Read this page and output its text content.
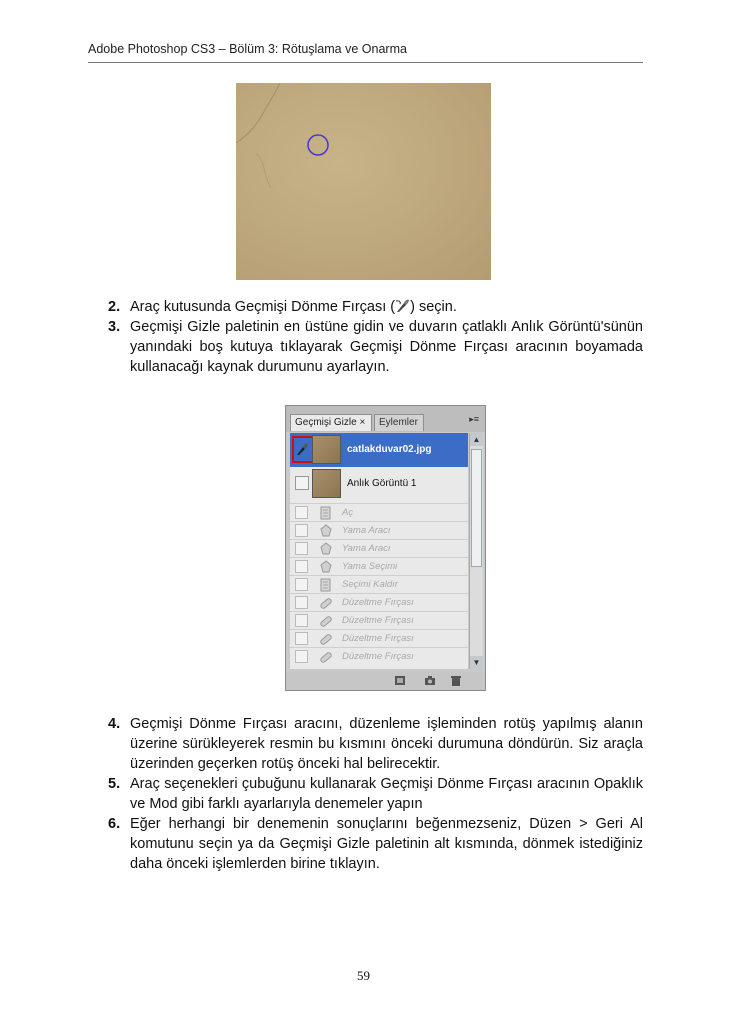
Adobe Photoshop CS3 – Bölüm 3: Rötuşlama ve Onarma
2. Araç kutusunda Geçmişi Dönme Fırçası ( ) seçin.
3. Geçmişi Gizle paletinin en üstüne gidin ve duvarın çatlaklı Anlık Görüntü'sünün yanındaki boş kutuya tıklayarak Geçmişi Dönme Fırçası aracının boyamada kullanacağı kaynak durumunu ayarlayın.
Geçmişi Gizle ×	Eylemler	▸≡
catlakduvar02.jpg
Anlık Görüntü 1
Aç
Yama Aracı
Yama Aracı
Yama Seçimi
Seçimi Kaldır
Düzeltme Fırçası
Düzeltme Fırçası
Düzeltme Fırçası
Düzeltme Fırçası
▲
▼
4. Geçmişi Dönme Fırçası aracını, düzenleme işleminden rotüş yapılmış alanın üzerine sürükleyerek resmin bu kısmını önceki durumuna döndürün. Siz araçla üzerinden geçerken rotüş önceki hal belirecektir.
5. Araç seçenekleri çubuğunu kullanarak Geçmişi Dönme Fırçası aracının Opaklık ve Mod gibi farklı ayarlarıyla denemeler yapın
6. Eğer herhangi bir denemenin sonuçlarını beğenmezseniz, Düzen > Geri Al komutunu seçin ya da Geçmişi Gizle paletinin alt kısmında, dönmek istediğiniz daha önceki işlemlerden birine tıklayın.
59
